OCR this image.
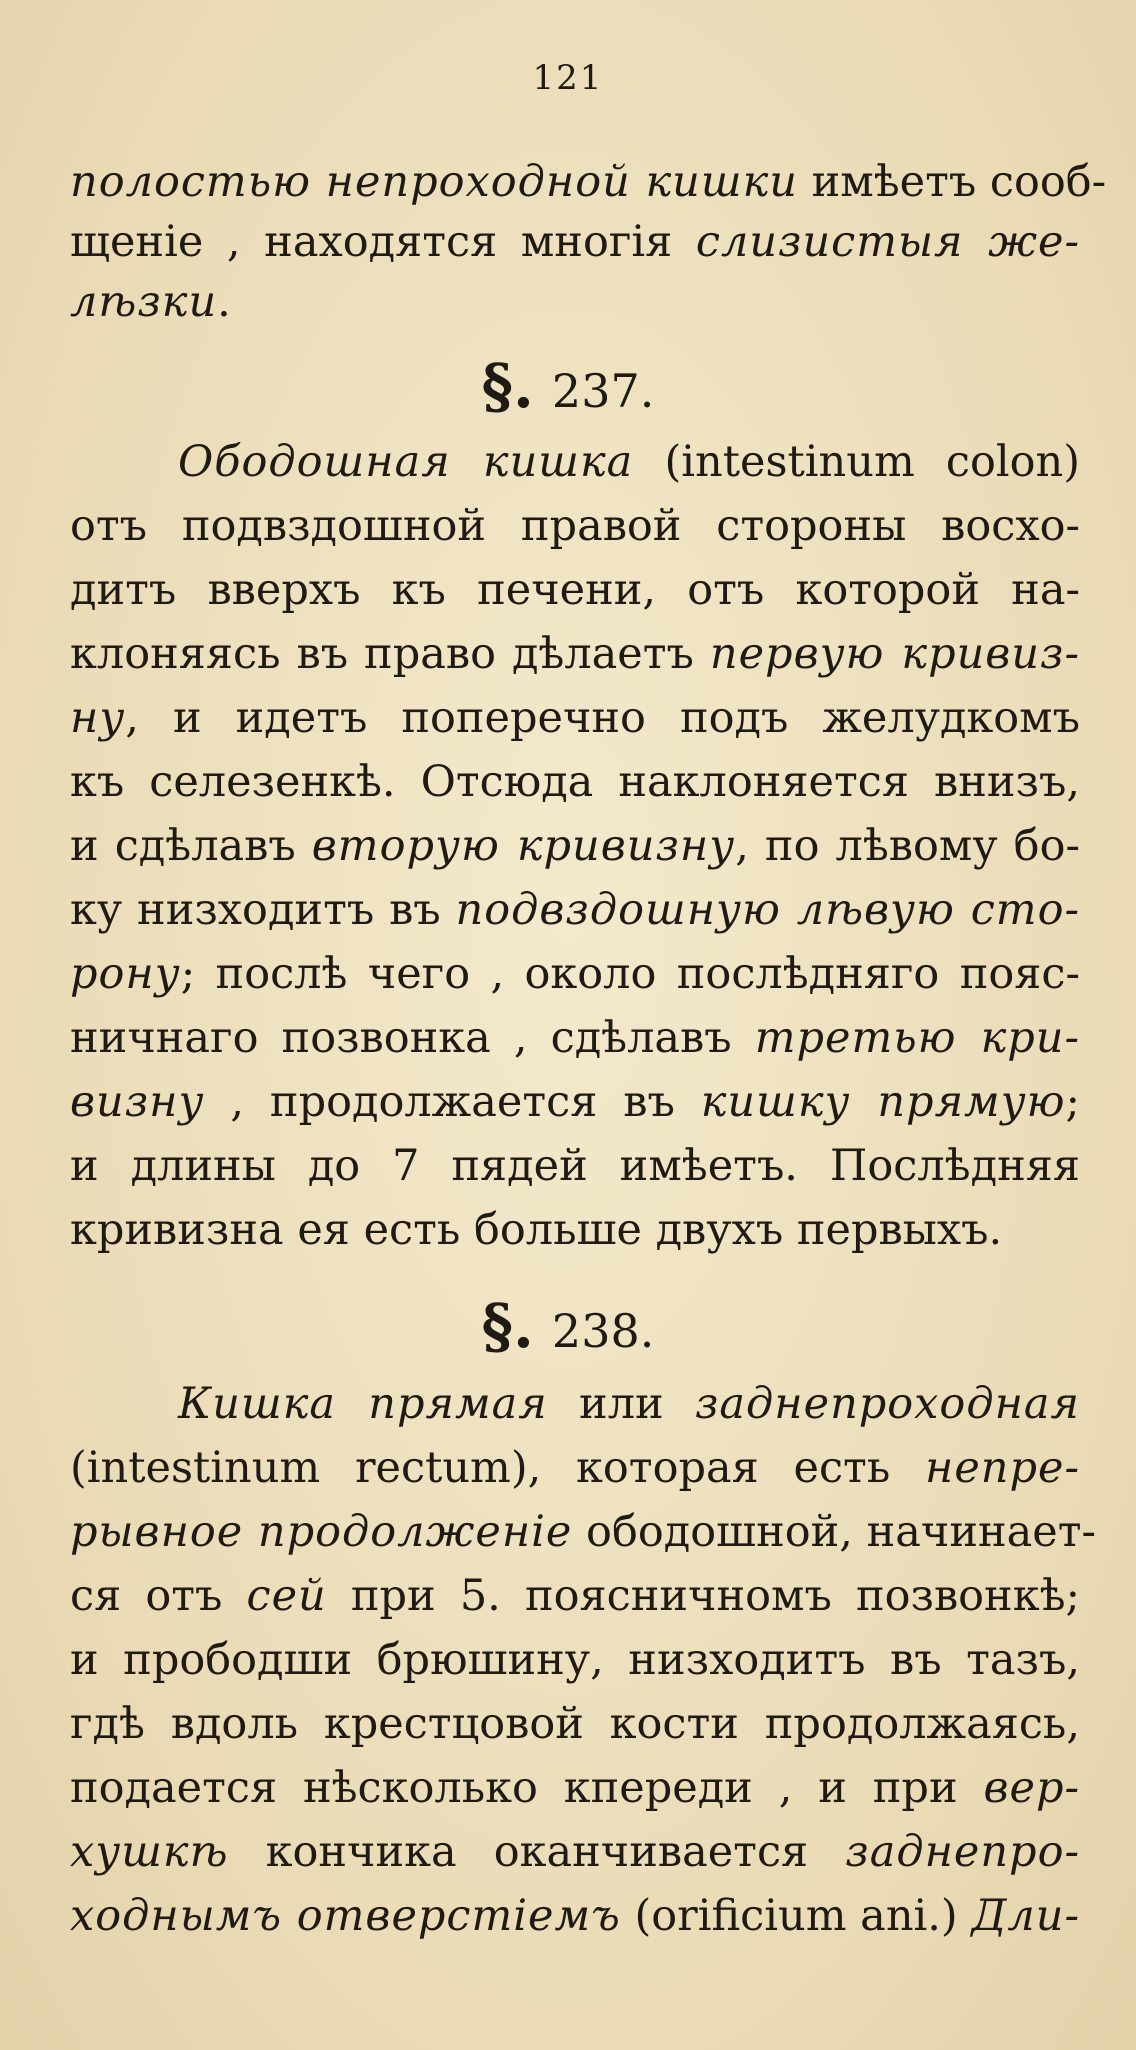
121
полостью непроходной кишки имѣетъ сооб-
щеніе , находятся многія слизистыя же-
лѣзки.
§. 237.
Ободошная кишка (intestinum colon)
отъ подвздошной правой стороны восхо-
дитъ вверхъ къ печени, отъ которой на-
клоняясь въ право дѣлаетъ первую кривиз-
ну, и идетъ поперечно подъ желудкомъ
къ селезенкѣ. Отсюда наклоняется внизъ,
и сдѣлавъ вторую кривизну, по лѣвому бо-
ку низходитъ въ подвздошную лѣвую сто-
рону; послѣ чего , около послѣдняго пояс-
ничнаго позвонка , сдѣлавъ третью кри-
визну , продолжается въ кишку прямую;
и длины до 7 пядей имѣетъ. Послѣдняя
кривизна ея есть больше двухъ первыхъ.
§. 238.
Кишка прямая или заднепроходная
(intestinum rectum), которая есть непре-
рывное продолженіе ободошной, начинает-
ся отъ сей при 5. поясничномъ позвонкѣ;
и прободши брюшину, низходитъ въ тазъ,
гдѣ вдоль крестцовой кости продолжаясь,
подается нѣсколько кпереди , и при вер-
хушкѣ кончика оканчивается заднепро-
ходнымъ отверстіемъ (orificium ani.) Дли-
